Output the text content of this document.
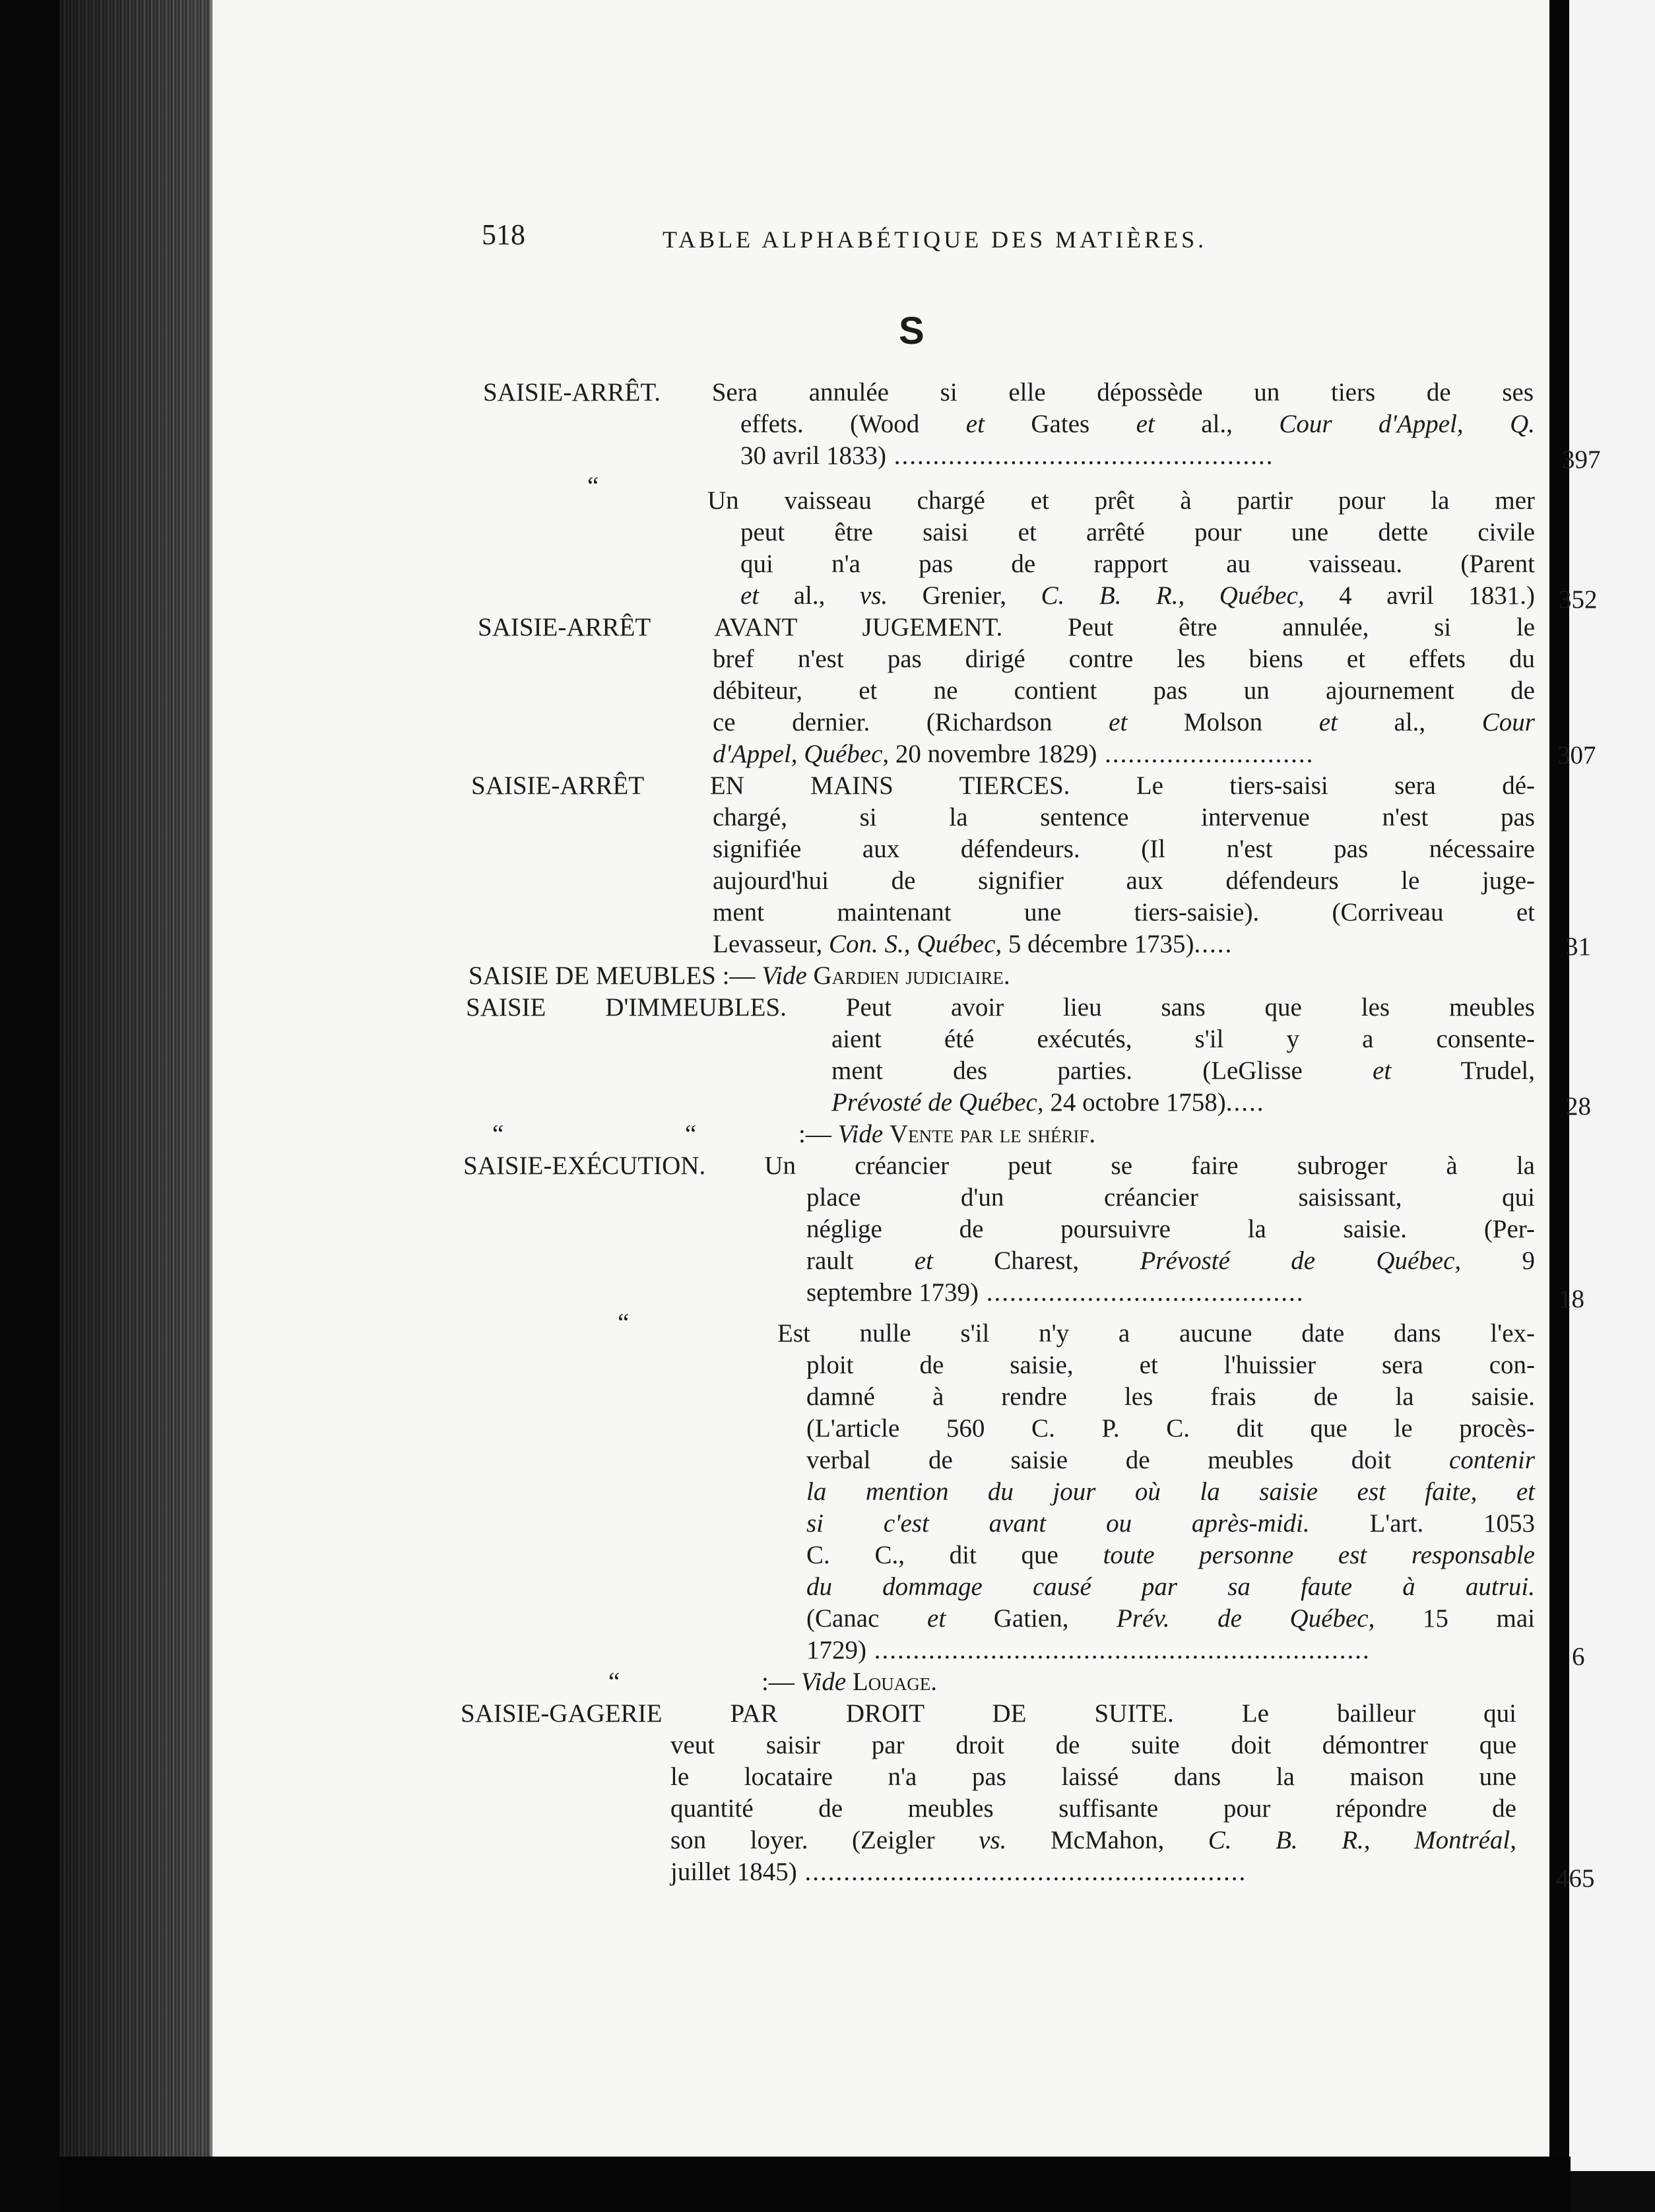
518	TABLE ALPHABÉTIQUE DES MATIÈRES.
S
SAISIE-ARRÊT. Sera annulée si elle dépossède un tiers de ses
effets. (Wood et Gates et al., Cour d'Appel, Q.
30 avril 1833) .................................................	397
“
Un vaisseau chargé et prêt à partir pour la mer
peut être saisi et arrêté pour une dette civile
qui n'a pas de rapport au vaisseau. (Parent
et al., vs. Grenier, C. B. R., Québec, 4 avril 1831.) 352
SAISIE-ARRÊT AVANT JUGEMENT. Peut être annulée, si le
bref n'est pas dirigé contre les biens et effets du
débiteur, et ne contient pas un ajournement de
ce dernier. (Richardson et Molson et al., Cour
d'Appel, Québec, 20 novembre 1829) ...........................	307
SAISIE-ARRÊT EN MAINS TIERCES. Le tiers-saisi sera dé-
chargé, si la sentence intervenue n'est pas
signifiée aux défendeurs. (Il n'est pas nécessaire
aujourd'hui de signifier aux défendeurs le juge-
ment maintenant une tiers-saisie). (Corriveau et
Levasseur, Con. S., Québec, 5 décembre 1735).....	31
SAISIE DE MEUBLES :— Vide Gardien judiciaire.
SAISIE D'IMMEUBLES. Peut avoir lieu sans que les meubles
aient été exécutés, s'il y a consente-
ment des parties. (LeGlisse et Trudel,
Prévosté de Québec, 24 octobre 1758).....	28
“	“	:— Vide Vente par le shérif.
SAISIE-EXÉCUTION. Un créancier peut se faire subroger à la
place d'un créancier saisissant, qui
néglige de poursuivre la saisie. (Per-
rault et Charest, Prévosté de Québec, 9
septembre 1739) .........................................	18
“	Est nulle s'il n'y a aucune date dans l'ex-
ploit de saisie, et l'huissier sera con-
damné à rendre les frais de la saisie.
(L'article 560 C. P. C. dit que le procès-
verbal de saisie de meubles doit contenir
la mention du jour où la saisie est faite, et
si c'est avant ou après-midi. L'art. 1053
C. C., dit que toute personne est responsable
du dommage causé par sa faute à autrui.
(Canac et Gatien, Prév. de Québec, 15 mai
1729) ................................................................	6
“	:— Vide Louage.
SAISIE-GAGERIE PAR DROIT DE SUITE. Le bailleur qui
veut saisir par droit de suite doit démontrer que
le locataire n'a pas laissé dans la maison une
quantité de meubles suffisante pour répondre de
son loyer. (Zeigler vs. McMahon, C. B. R., Montréal,
juillet 1845) .........................................................	465
